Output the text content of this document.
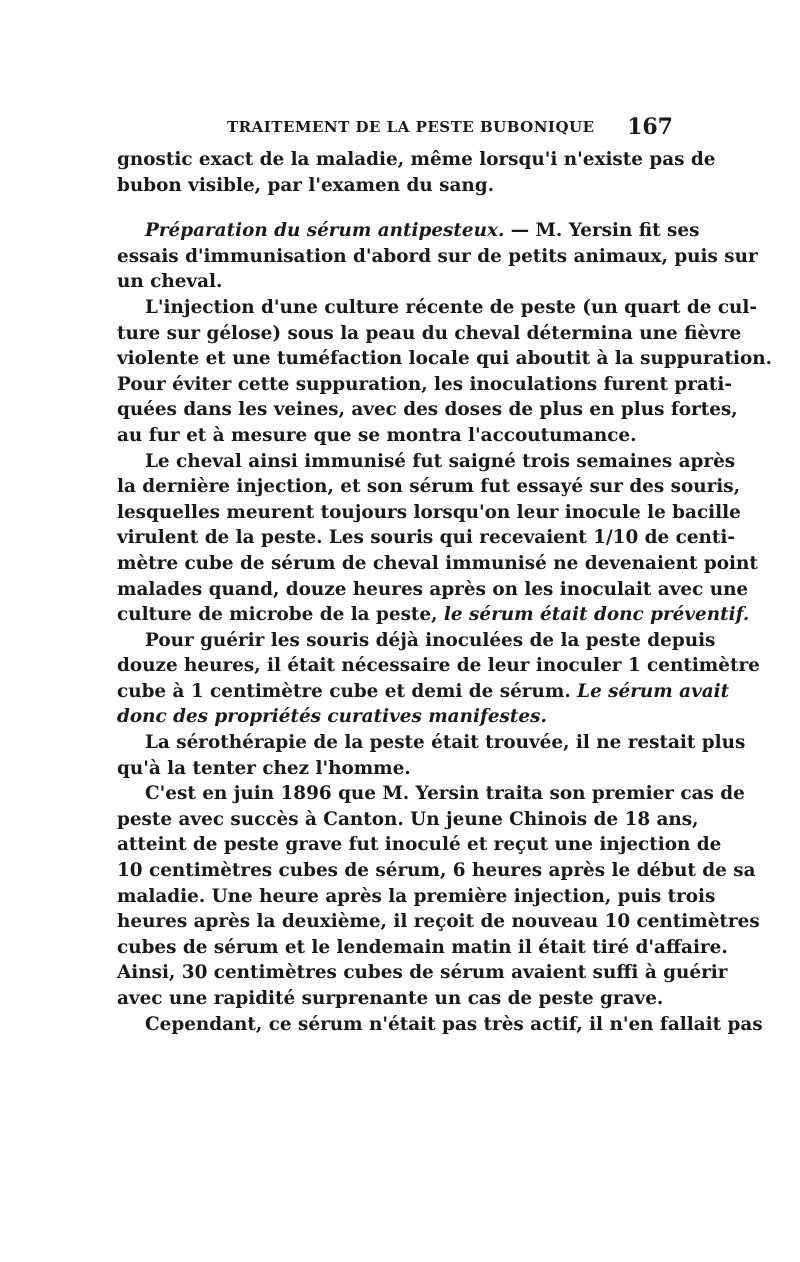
TRAITEMENT DE LA PESTE BUBONIQUE 167
gnostic exact de la maladie, même lorsqu'i n'existe pas de
bubon visible, par l'examen du sang.
Préparation du sérum antipesteux. — M. Yersin fit ses
essais d'immunisation d'abord sur de petits animaux, puis sur
un cheval.
L'injection d'une culture récente de peste (un quart de cul-
ture sur gélose) sous la peau du cheval détermina une fièvre
violente et une tuméfaction locale qui aboutit à la suppuration.
Pour éviter cette suppuration, les inoculations furent prati-
quées dans les veines, avec des doses de plus en plus fortes,
au fur et à mesure que se montra l'accoutumance.
Le cheval ainsi immunisé fut saigné trois semaines après
la dernière injection, et son sérum fut essayé sur des souris,
lesquelles meurent toujours lorsqu'on leur inocule le bacille
virulent de la peste. Les souris qui recevaient 1/10 de centi-
mètre cube de sérum de cheval immunisé ne devenaient point
malades quand, douze heures après on les inoculait avec une
culture de microbe de la peste, le sérum était donc préventif.
Pour guérir les souris déjà inoculées de la peste depuis
douze heures, il était nécessaire de leur inoculer 1 centimètre
cube à 1 centimètre cube et demi de sérum. Le sérum avait
donc des propriétés curatives manifestes.
La sérothérapie de la peste était trouvée, il ne restait plus
qu'à la tenter chez l'homme.
C'est en juin 1896 que M. Yersin traita son premier cas de
peste avec succès à Canton. Un jeune Chinois de 18 ans,
atteint de peste grave fut inoculé et reçut une injection de
10 centimètres cubes de sérum, 6 heures après le début de sa
maladie. Une heure après la première injection, puis trois
heures après la deuxième, il reçoit de nouveau 10 centimètres
cubes de sérum et le lendemain matin il était tiré d'affaire.
Ainsi, 30 centimètres cubes de sérum avaient suffi à guérir
avec une rapidité surprenante un cas de peste grave.
Cependant, ce sérum n'était pas très actif, il n'en fallait pas
